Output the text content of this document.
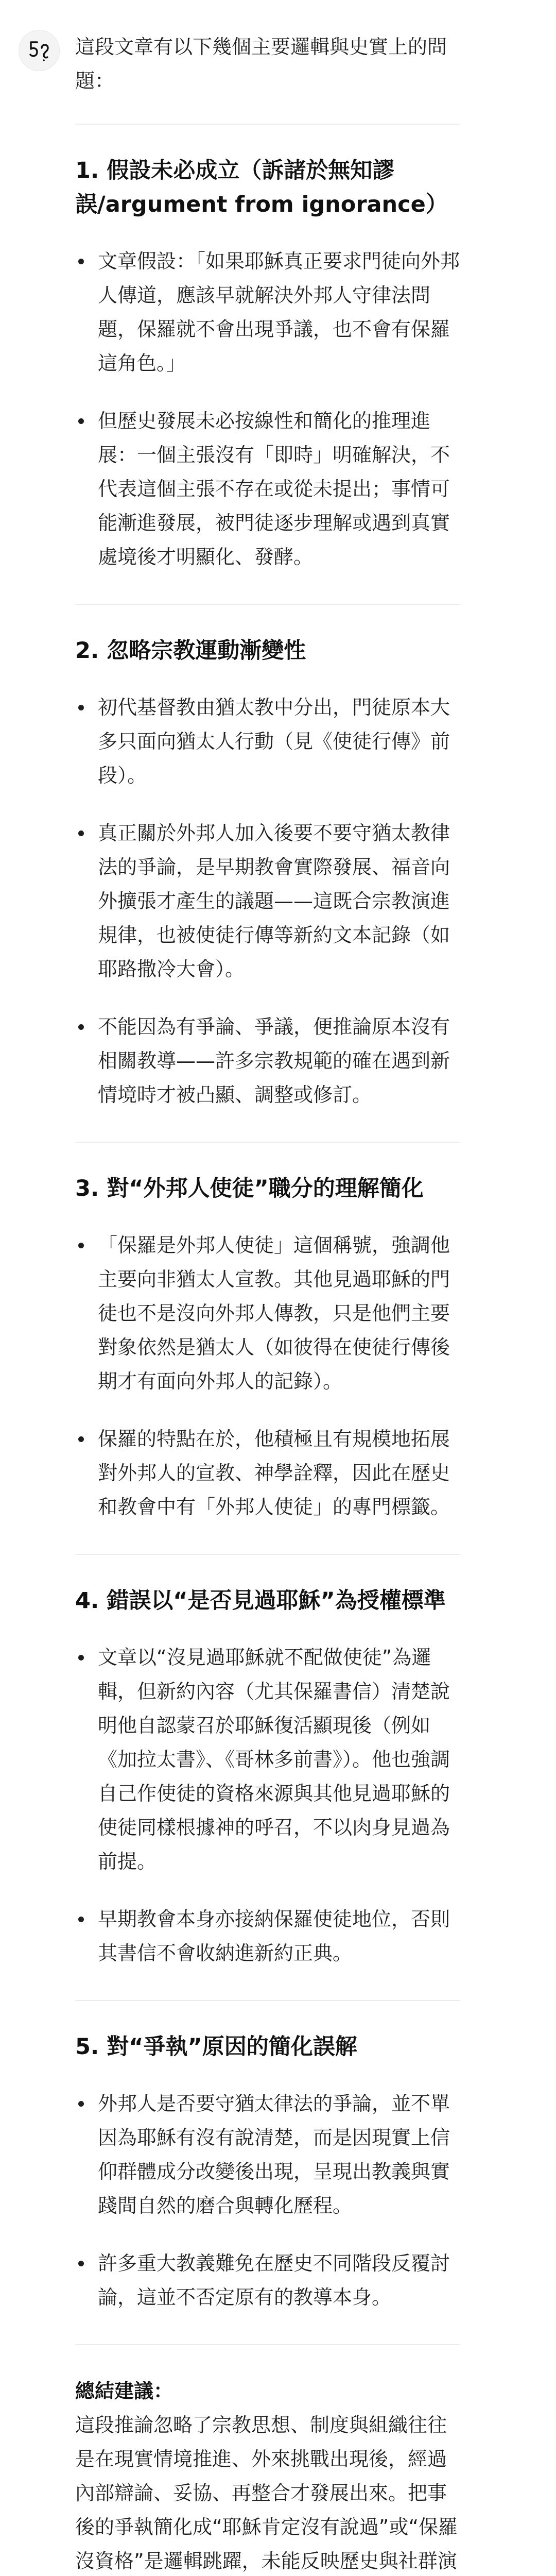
這段文章有以下幾個主要邏輯與史實上的問題：

1. 假設未必成立（訴諸於無知謬誤/argument from ignorance）
文章假設：「如果耶穌真正要求門徒向外邦人傳道，應該早就解決外邦人守律法問題，保羅就不會出現爭議，也不會有保羅這角色。」
但歷史發展未必按線性和簡化的推理進展：一個主張沒有「即時」明確解決，不代表這個主張不存在或從未提出；事情可能漸進發展，被門徒逐步理解或遇到真實處境後才明顯化、發酵。
2. 忽略宗教運動漸變性
初代基督教由猶太教中分出，門徒原本大多只面向猶太人行動（見《使徒行傳》前段）。
真正關於外邦人加入後要不要守猶太教律法的爭論，是早期教會實際發展、福音向外擴張才產生的議題——這既合宗教演進規律，也被使徒行傳等新約文本記錄（如耶路撒冷大會）。
不能因為有爭論、爭議，便推論原本沒有相關教導——許多宗教規範的確在遇到新情境時才被凸顯、調整或修訂。
3. 對“外邦人使徒”職分的理解簡化
「保羅是外邦人使徒」這個稱號，強調他主要向非猶太人宣教。其他見過耶穌的門徒也不是沒向外邦人傳教，只是他們主要對象依然是猶太人（如彼得在使徒行傳後期才有面向外邦人的記錄）。
保羅的特點在於，他積極且有規模地拓展對外邦人的宣教、神學詮釋，因此在歷史和教會中有「外邦人使徒」的專門標籤。
4. 錯誤以“是否見過耶穌”為授權標準
文章以“沒見過耶穌就不配做使徒”為邏輯，但新約內容（尤其保羅書信）清楚說明他自認蒙召於耶穌復活顯現後（例如《加拉太書》、《哥林多前書》）。他也強調自己作使徒的資格來源與其他見過耶穌的使徒同樣根據神的呼召，不以肉身見過為前提。
早期教會本身亦接納保羅使徒地位，否則其書信不會收納進新約正典。
5. 對“爭執”原因的簡化誤解
外邦人是否要守猶太律法的爭論，並不單因為耶穌有沒有說清楚，而是因現實上信仰群體成分改變後出現，呈現出教義與實踐間自然的磨合與轉化歷程。
許多重大教義難免在歷史不同階段反覆討論，這並不否定原有的教導本身。
總結建議：

這段推論忽略了宗教思想、制度與組織往往是在現實情境推進、外來挑戰出現後，經過內部辯論、妥協、再整合才發展出來。把事後的爭執簡化成“耶穌肯定沒有說過”或“保羅沒資格”是邏輯跳躍，未能反映歷史與社群演
